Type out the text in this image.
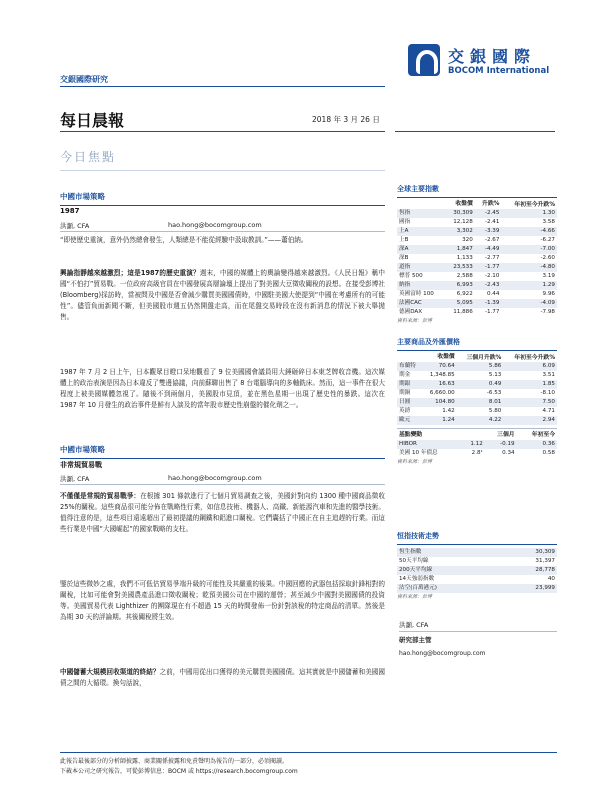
交銀國際研究
交銀國際
BOCOM International
每日晨報	2018 年 3 月 26 日
今日焦點
中國市場策略
1987
洪灝, CFA	hao.hong@bocomgroup.com
“即使歷史重演，意外仍然總會發生，人類總是不能從經驗中汲取教訓。”——蕭伯納。
興論指靜越來越激烈；這是1987的歷史重演？週末，中國的媒體上的輿論變得越來越激烈。《人民日報》稱中國“不怕打”貿易戰。一位政府高級官員在中國發展高層論壇上提出了對美國大豆徵收關稅的設想。在接受彭博社(Bloomberg)採訪時，當被問及中國是否會減少購買美國國債時，中國駐美國大使提到“中國在考慮所有的可能性”。儘管負面新聞不斷，但美國股市週五仍然開盤走高，而在尾盤交易時段在沒有新消息的情況下被大舉拋售。
1987 年 7 月 2 日上午，日本觀眾目瞪口呆地觀看了 9 位美國國會議員用大錘砸碎日本東芝牌收音機。這次媒體上的政治表演是因為日本違反了雙邊協議，向前蘇聯出售了 8 台電腦導向的多軸銑床。然而，這一事件在很大程度上被美國媒體忽視了。隨後不到兩個月，美國股市見頂，並在黑色星期一出現了歷史性的暴跌。這次在 1987 年 10 月發生的政治事件是鮮有人談及的當年股市歷史性崩盤的催化劑之一。
中國市場策略
非常規貿易戰
洪灝, CFA	hao.hong@bocomgroup.com
不僅僅是常規的貿易戰爭：在根據 301 條款進行了七個月貿易調查之後，美國針對向約 1300 種中國商品徵收 25%的關稅。這些商品很可能分佈在戰略性行業，如信息技術、機器人、高鐵、新能源汽車和先進的醫學技術。值得注意的是，這些項目遠遠超出了最初提議的鋼鐵和鋁進口關稅。它們囊括了中國正在自主追趕的行業。而這些行業是中國“大國崛起”的國家戰略的支柱。
鑒於這些微妙之處，我們不可低估貿易爭端升級的可能性及其嚴重的後果。中國回應的武器包括採取針鋒相對的關稅，比如可能會對美國農產品進口徵收關稅；乾預美國公司在中國的運營；甚至減少中國對美國國債的投資等。美國貿易代表 Lighthizer 的團隊現在有不超過 15 天的時間發佈一份針對該稅的特定商品的清單。然後是為期 30 天的評論期。其後關稅將生效。
中國儲蓄大規模回收渠道的終結？之前，中國用從出口獲得的美元購買美國國債。這其實就是中國儲蓄和美國國債之間的大循環。換句話說，
全球主要指數
	收盤價	升跌%	年初至今升跌%
恆指	30,309	-2.45	1.30
國指	12,128	-2.41	3.58
上A	3,302	-3.39	-4.66
上B	320	-2.67	-6.27
深A	1,847	-4.49	-7.00
深B	1,133	-2.77	-2.60
道指	23,533	-1.77	-4.80
標普 500	2,588	-2.10	3.19
納指	6,993	-2.43	1.29
英國富時 100	6,922	0.44	9.96
法國CAC	5,095	-1.39	-4.09
德國DAX	11,886	-1.77	-7.98
資料來源：彭博
主要商品及外匯價格
	收盤價	三個月升跌%	年初至今升跌%
布蘭特	70.64	5.86	6.09
期金	1,348.85	5.13	3.51
期銀	16.63	0.49	1.85
期銅	6,660.00	-6.53	-8.10
日圓	104.80	8.01	7.50
英鎊	1.42	5.80	4.71
歐元	1.24	4.22	2.94
基點變動		三個月	年初至今
HIBOR	1.12	-0.19	0.36
美國 10 年債息	2.8¹	0.34	0.58
資料來源：彭博
恒指技術走勢
恆生指數	30,309
50天平均線	31,397
200天平均線	28,778
14天強弱指數	40
沽空(百萬港元)	23,999
資料來源：彭博
洪灝, CFA
研究部主管
hao.hong@bocomgroup.com
此報告最後部分的分析師披露、商業關係披露和免責聲明為報告的一部分，必須閱讀。
下載本公司之研究報告，可從彭博信息：BOCM 或 https://research.bocomgroup.com
